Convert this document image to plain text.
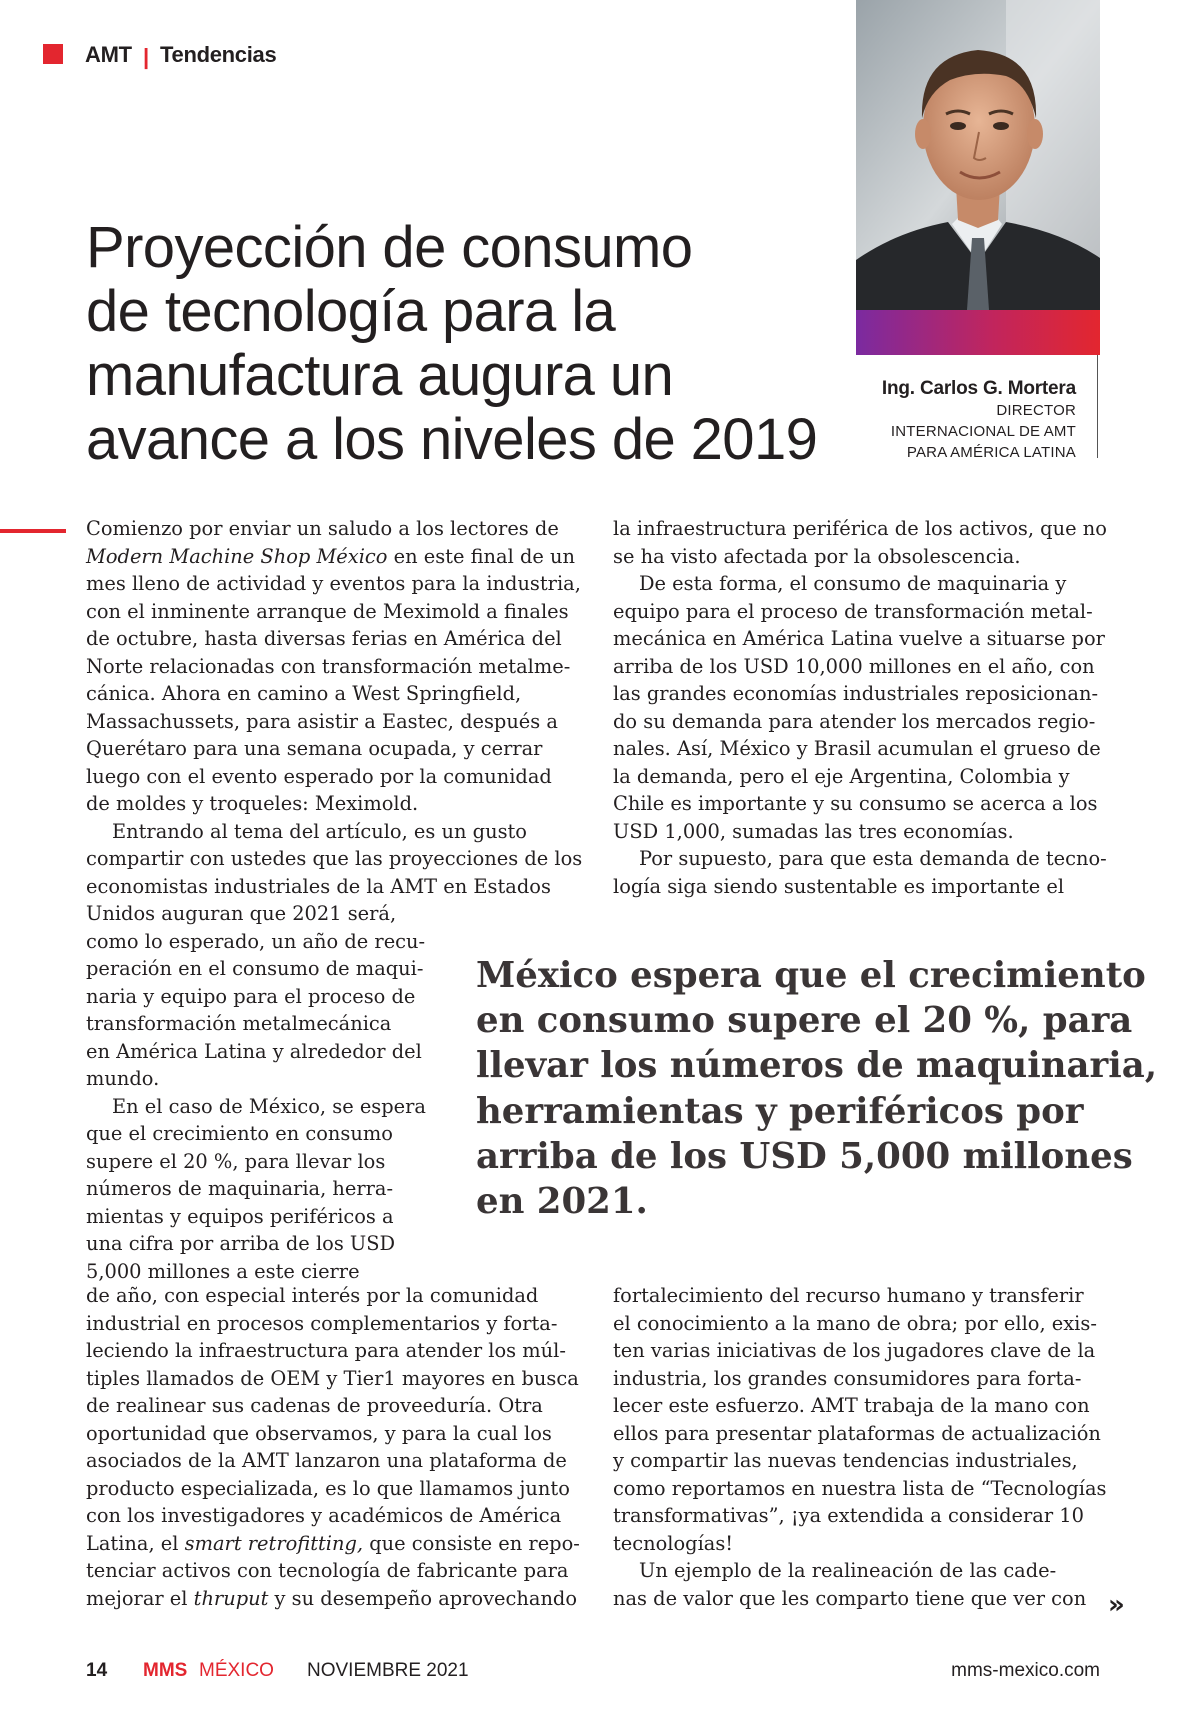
AMT | Tendencias
Ing. Carlos G. Mortera
DIRECTOR
INTERNACIONAL DE AMT
PARA AMÉRICA LATINA
Proyección de consumo
de tecnología para la
manufactura augura un
avance a los niveles de 2019
Comienzo por enviar un saludo a los lectores de
Modern Machine Shop México en este final de un
mes lleno de actividad y eventos para la industria,
con el inminente arranque de Meximold a finales
de octubre, hasta diversas ferias en América del
Norte relacionadas con transformación metalme-
cánica. Ahora en camino a West Springfield,
Massachussets, para asistir a Eastec, después a
Querétaro para una semana ocupada, y cerrar
luego con el evento esperado por la comunidad
de moldes y troqueles: Meximold.
Entrando al tema del artículo, es un gusto
compartir con ustedes que las proyecciones de los
economistas industriales de la AMT en Estados
Unidos auguran que 2021 será,
como lo esperado, un año de recu-
peración en el consumo de maqui-
naria y equipo para el proceso de
transformación metalmecánica
en América Latina y alrededor del
mundo.
En el caso de México, se espera
que el crecimiento en consumo
supere el 20 %, para llevar los
números de maquinaria, herra-
mientas y equipos periféricos a
una cifra por arriba de los USD
5,000 millones a este cierre
la infraestructura periférica de los activos, que no
se ha visto afectada por la obsolescencia.
De esta forma, el consumo de maquinaria y
equipo para el proceso de transformación metal-
mecánica en América Latina vuelve a situarse por
arriba de los USD 10,000 millones en el año, con
las grandes economías industriales reposicionan-
do su demanda para atender los mercados regio-
nales. Así, México y Brasil acumulan el grueso de
la demanda, pero el eje Argentina, Colombia y
Chile es importante y su consumo se acerca a los
USD 1,000, sumadas las tres economías.
Por supuesto, para que esta demanda de tecno-
logía siga siendo sustentable es importante el
México espera que el crecimiento
en consumo supere el 20 %, para
llevar los números de maquinaria,
herramientas y periféricos por
arriba de los USD 5,000 millones
en 2021.
de año, con especial interés por la comunidad
industrial en procesos complementarios y forta-
leciendo la infraestructura para atender los múl-
tiples llamados de OEM y Tier1 mayores en busca
de realinear sus cadenas de proveeduría. Otra
oportunidad que observamos, y para la cual los
asociados de la AMT lanzaron una plataforma de
producto especializada, es lo que llamamos junto
con los investigadores y académicos de América
Latina, el smart retrofitting, que consiste en repo-
tenciar activos con tecnología de fabricante para
mejorar el thruput y su desempeño aprovechando
fortalecimiento del recurso humano y transferir
el conocimiento a la mano de obra; por ello, exis-
ten varias iniciativas de los jugadores clave de la
industria, los grandes consumidores para forta-
lecer este esfuerzo. AMT trabaja de la mano con
ellos para presentar plataformas de actualización
y compartir las nuevas tendencias industriales,
como reportamos en nuestra lista de “Tecnologías
transformativas”, ¡ya extendida a considerar 10
tecnologías!
Un ejemplo de la realineación de las cade-
nas de valor que les comparto tiene que ver con »
14 MMS MÉXICO NOVIEMBRE 2021	mms-mexico.com
